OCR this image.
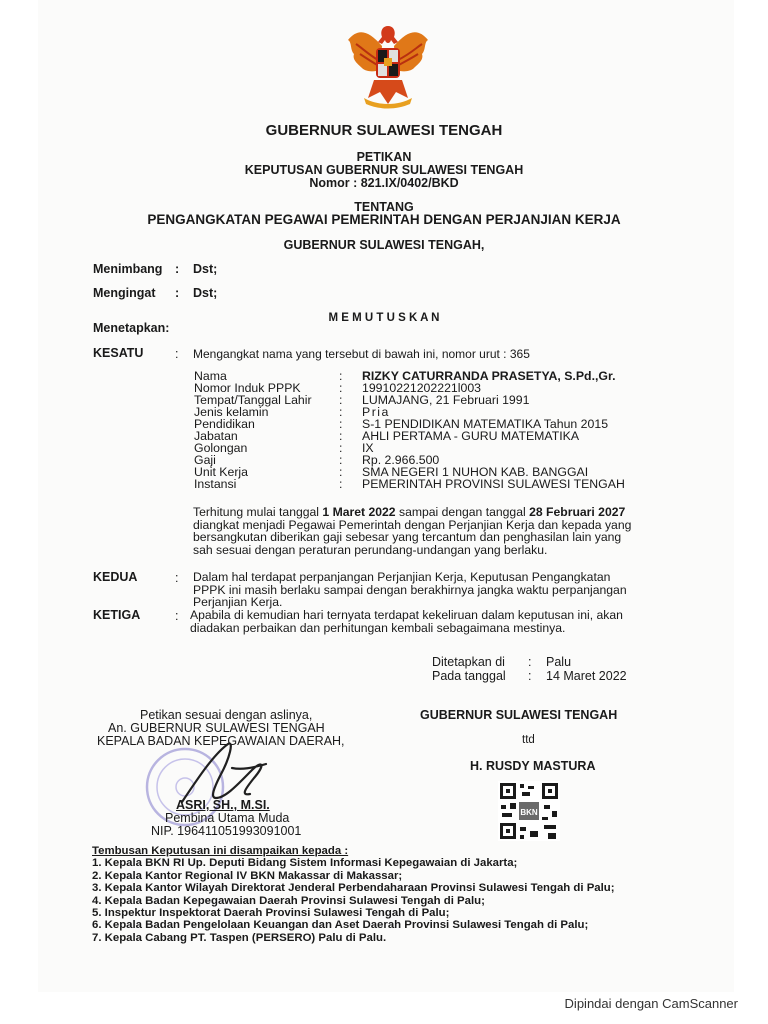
GUBERNUR SULAWESI TENGAH
PETIKAN
KEPUTUSAN GUBERNUR SULAWESI TENGAH
Nomor : 821.IX/0402/BKD
TENTANG
PENGANGKATAN PEGAWAI PEMERINTAH DENGAN PERJANJIAN KERJA
GUBERNUR SULAWESI TENGAH,
Menimbang : Dst;
Mengingat : Dst;
M E M U T U S K A N
Menetapkan:
KESATU	: Mengangkat nama yang tersebut di bawah ini, nomor urut : 365
Nama	: RIZKY CATURRANDA PRASETYA, S.Pd.,Gr.
Nomor Induk PPPK	: 19910221202221l003
Tempat/Tanggal Lahir	: LUMAJANG, 21 Februari 1991
Jenis kelamin	: Pria
Pendidikan	: S-1 PENDIDIKAN MATEMATIKA Tahun 2015
Jabatan	: AHLI PERTAMA - GURU MATEMATIKA
Golongan	: IX
Gaji	: Rp. 2.966.500
Unit Kerja	: SMA NEGERI 1 NUHON KAB. BANGGAI
Instansi	: PEMERINTAH PROVINSI SULAWESI TENGAH
Terhitung mulai tanggal 1 Maret 2022 sampai dengan tanggal 28 Februari 2027
diangkat menjadi Pegawai Pemerintah dengan Perjanjian Kerja dan kepada yang
bersangkutan diberikan gaji sebesar yang tercantum dan penghasilan lain yang
sah sesuai dengan peraturan perundang-undangan yang berlaku.
KEDUA	: Dalam hal terdapat perpanjangan Perjanjian Kerja, Keputusan Pengangkatan
PPPK ini masih berlaku sampai dengan berakhirnya jangka waktu perpanjangan
Perjanjian Kerja.
KETIGA	: Apabila di kemudian hari ternyata terdapat kekeliruan dalam keputusan ini, akan
diadakan perbaikan dan perhitungan kembali sebagaimana mestinya.
Ditetapkan di : Palu
Pada tanggal : 14 Maret 2022
Petikan sesuai dengan aslinya,
An. GUBERNUR SULAWESI TENGAH
KEPALA BADAN KEPEGAWAIAN DAERAH,
ASRI, SH., M.SI.
Pembina Utama Muda
NIP. 196411051993091001
GUBERNUR SULAWESI TENGAH
ttd
H. RUSDY MASTURA
BKN
Tembusan Keputusan ini disampaikan kepada :
1. Kepala BKN RI Up. Deputi Bidang Sistem Informasi Kepegawaian di Jakarta;
2. Kepala Kantor Regional IV BKN Makassar di Makassar;
3. Kepala Kantor Wilayah Direktorat Jenderal Perbendaharaan Provinsi Sulawesi Tengah di Palu;
4. Kepala Badan Kepegawaian Daerah Provinsi Sulawesi Tengah di Palu;
5. Inspektur Inspektorat Daerah Provinsi Sulawesi Tengah di Palu;
6. Kepala Badan Pengelolaan Keuangan dan Aset Daerah Provinsi Sulawesi Tengah di Palu;
7. Kepala Cabang PT. Taspen (PERSERO) Palu di Palu.
Dipindai dengan CamScanner
